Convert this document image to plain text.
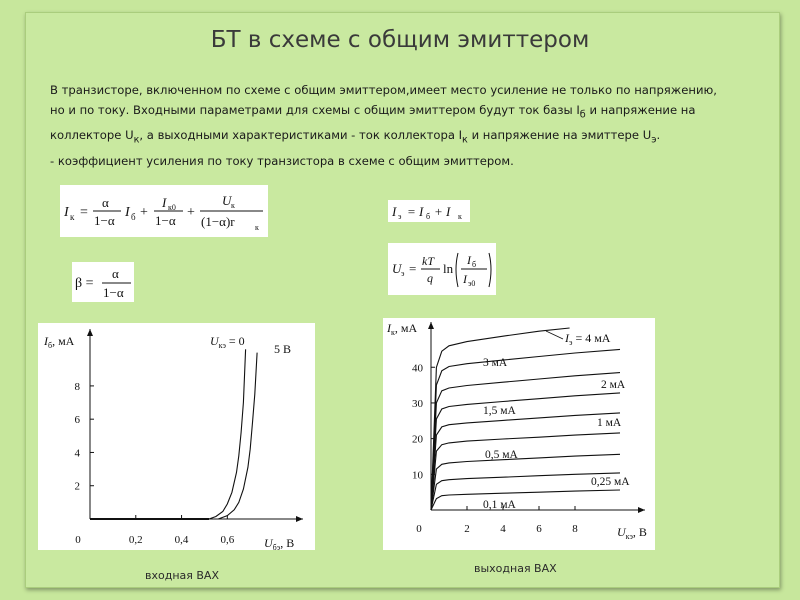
БТ в схеме с общим эмиттером
В транзисторе, включенном по схеме с общим эмиттером,имеет место усиление не только по напряжению,
но и по току. Входными параметрами для схемы с общим эмиттером будут ток базы $I_б$ и напряжение на
коллекторе $U_к$, а выходными характеристиками - ток коллектора $I_к$ и напряжение на эмиттере $U_э$.
- коэффициент усиления по току транзистора в схеме с общим эмиттером.
I к =
α
1−α
I б +
I к0
1−α
+
U к
(1−α)r	к
I э = I б + I к
β =
α
1−α
U э = kT
q
ln
I б
I э0
2
4
6
8
0	0,2	0,4	0,6
$I_б$, мА
$U_{бэ}$, В
$U_{кэ} = 0$
5 В
10
20
30
40
0	2	4	6	8
$I_к$, мА
$U_{кэ}$, В
$I_э = 4$ мА
3 мА
2 мА
1,5 мА
1 мА
0,5 мА
0,25 мА
0,1 мА
входная ВАХ
выходная ВАХ
